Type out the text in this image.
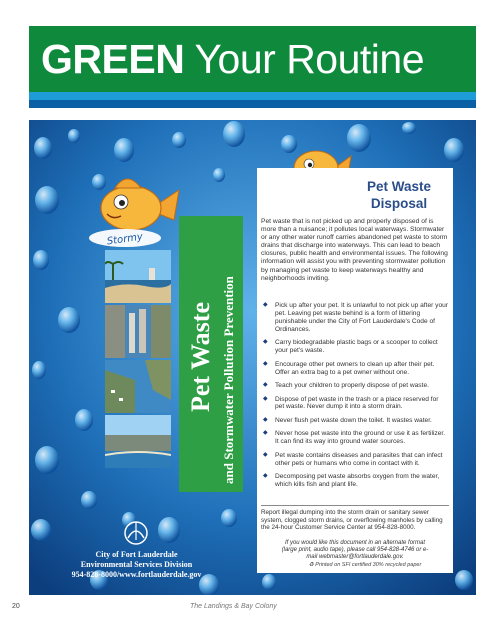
GREEN Your Routine
Stormy
Pet Waste and Stormwater Pollution Prevention
City of Fort Lauderdale
Environmental Services Division
954-828-8000/www.fortlauderdale.gov
Pet Waste
Disposal
Pet waste that is not picked up and properly disposed of is more than a nuisance; it pollutes local waterways. Stormwater or any other water runoff carries abandoned pet waste to storm drains that discharge into waterways. This can lead to beach closures, public health and environmental issues. The following information will assist you with preventing stormwater pollution by managing pet waste to keep waterways healthy and neighborhoods inviting.
◆ Pick up after your pet. It is unlawful to not pick up after your pet. Leaving pet waste behind is a form of littering punishable under the City of Fort Lauderdale's Code of Ordinances.
◆ Carry biodegradable plastic bags or a scooper to collect your pet's waste.
◆ Encourage other pet owners to clean up after their pet. Offer an extra bag to a pet owner without one.
◆ Teach your children to properly dispose of pet waste.
◆ Dispose of pet waste in the trash or a place reserved for pet waste. Never dump it into a storm drain.
◆ Never flush pet waste down the toilet. It wastes water.
◆ Never hose pet waste into the ground or use it as fertilizer. It can find its way into ground water sources.
◆ Pet waste contains diseases and parasites that can infect other pets or humans who come in contact with it.
◆ Decomposing pet waste absorbs oxygen from the water, which kills fish and plant life.
Report illegal dumping into the storm drain or sanitary sewer system, clogged storm drains, or overflowing manholes by calling the 24-hour Customer Service Center at 954-828-8000.
If you would like this document in an alternate format (large print, audio tape), please call 954-828-4746 or e-mail webmaster@fortlauderdale.gov.
♻ Printed on SFI certified 30% recycled paper
20	The Landings & Bay Colony
